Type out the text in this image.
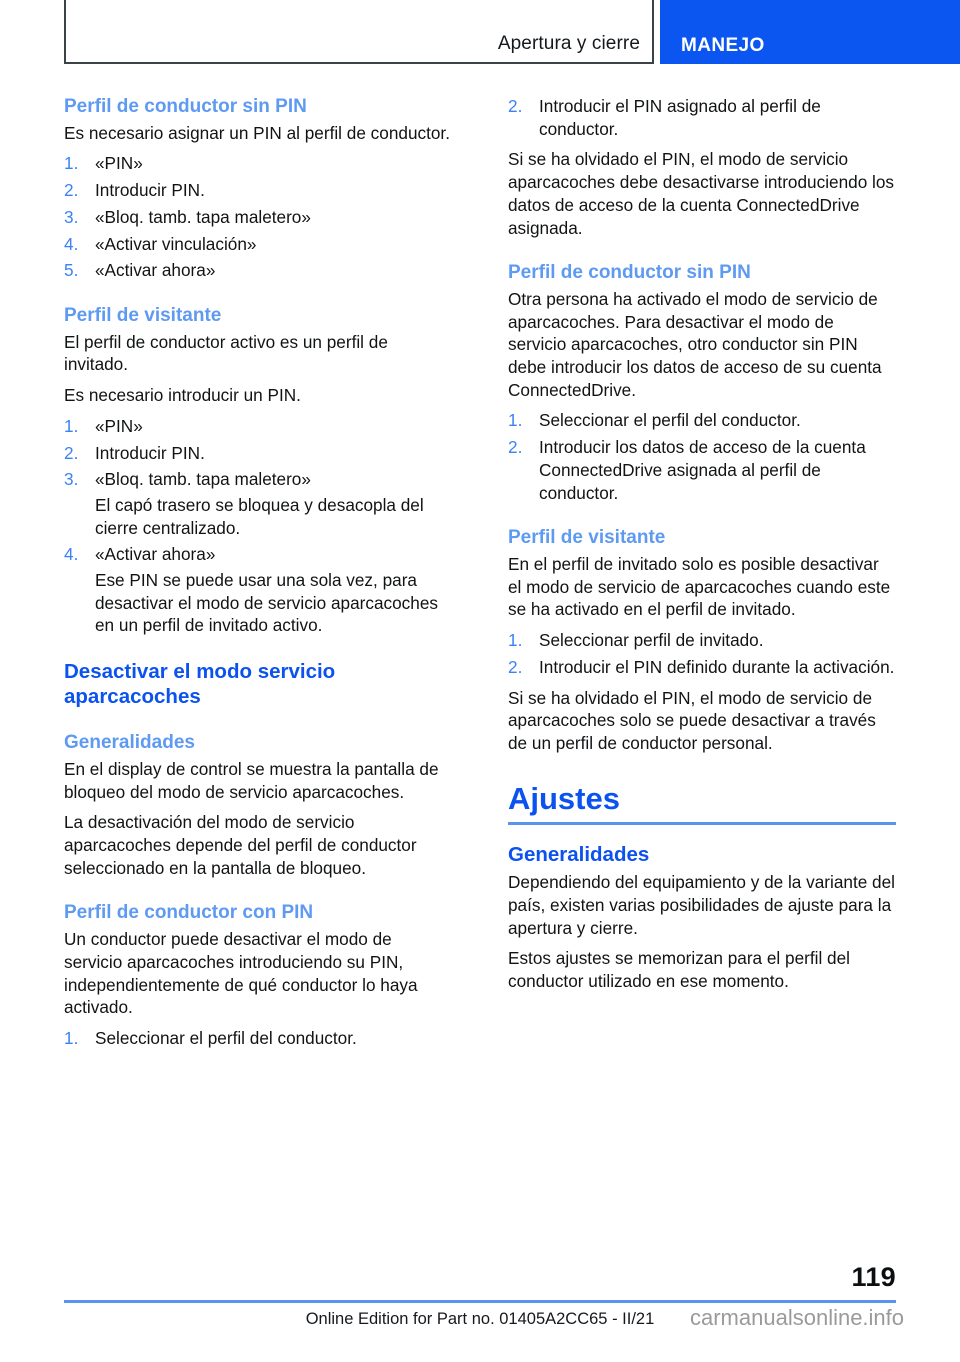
Apertura y cierre MANEJO
Perfil de conductor sin PIN

Es necesario asignar un PIN al perfil de conductor.

«PIN»
Introducir PIN.
«Bloq. tamb. tapa maletero»
«Activar vinculación»
«Activar ahora»
Perfil de visitante

El perfil de conductor activo es un perfil de invitado.

Es necesario introducir un PIN.

«PIN»
Introducir PIN.
«Bloq. tamb. tapa maletero»
El capó trasero se bloquea y desacopla del cierre centralizado.
«Activar ahora»
Ese PIN se puede usar una sola vez, para desactivar el modo de servicio aparcacoches en un perfil de invitado activo.
Desactivar el modo servicio aparcacoches
Generalidades

En el display de control se muestra la pantalla de bloqueo del modo de servicio aparcacoches.

La desactivación del modo de servicio aparcacoches depende del perfil de conductor seleccionado en la pantalla de bloqueo.

Perfil de conductor con PIN

Un conductor puede desactivar el modo de servicio aparcacoches introduciendo su PIN, independientemente de qué conductor lo haya activado.

Seleccionar el perfil del conductor.
Introducir el PIN asignado al perfil de conductor.

Si se ha olvidado el PIN, el modo de servicio aparcacoches debe desactivarse introduciendo los datos de acceso de la cuenta ConnectedDrive asignada.

Perfil de conductor sin PIN

Otra persona ha activado el modo de servicio de aparcacoches. Para desactivar el modo de servicio aparcacoches, otro conductor sin PIN debe introducir los datos de acceso de su cuenta ConnectedDrive.

Seleccionar el perfil del conductor.
Introducir los datos de acceso de la cuenta ConnectedDrive asignada al perfil de conductor.
Perfil de visitante

En el perfil de invitado solo es posible desactivar el modo de servicio de aparcacoches cuando este se ha activado en el perfil de invitado.

Seleccionar perfil de invitado.
Introducir el PIN definido durante la activación.

Si se ha olvidado el PIN, el modo de servicio de aparcacoches solo se puede desactivar a través de un perfil de conductor personal.

Ajustes
Generalidades

Dependiendo del equipamiento y de la variante del país, existen varias posibilidades de ajuste para la apertura y cierre.

Estos ajustes se memorizan para el perfil del conductor utilizado en ese momento.

119
Online Edition for Part no. 01405A2CC65 - II/21	carmanualsonline.info
